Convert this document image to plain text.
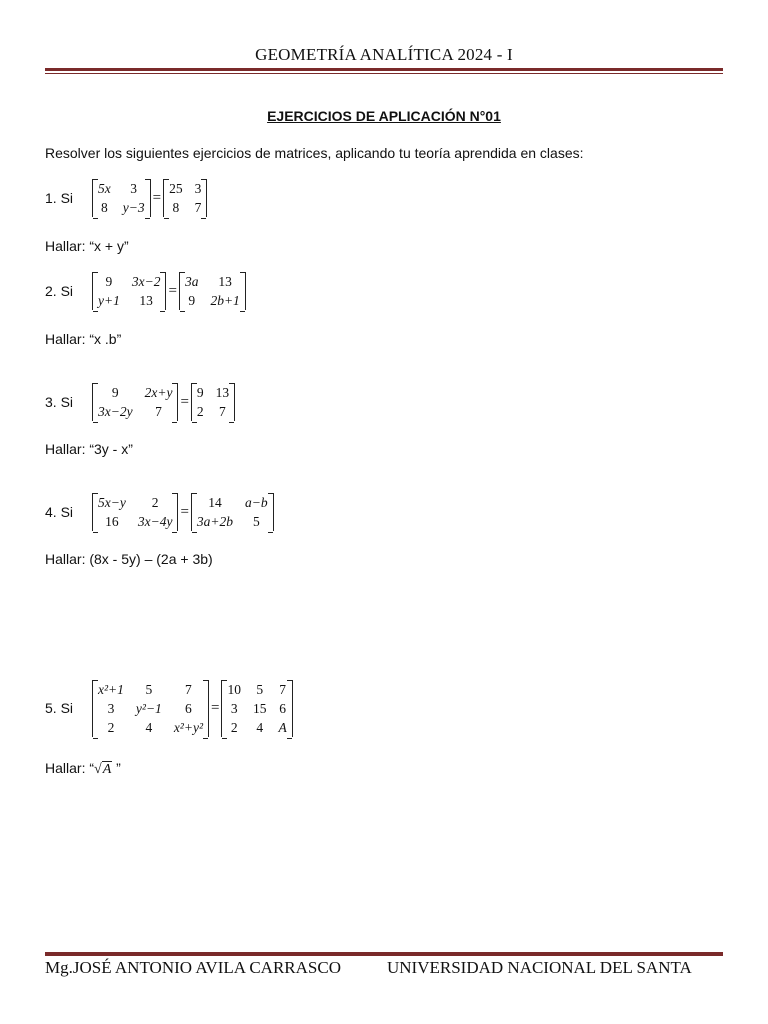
GEOMETRÍA ANALÍTICA 2024 - I
EJERCICIOS DE APLICACIÓN N°01
Resolver los siguientes ejercicios de matrices, aplicando tu teoría aprendida en clases:
1. Si
5x	3
8 y−3
=
25 3
8 7
Hallar: “x + y”
2. Si
9	3x−2
y+1	13
=
3a	13
9 2b+1
Hallar: “x .b”
3. Si
9	2x+y
3x−2y	7
=
9 13
2 7
Hallar: “3y - x”
4. Si
5x−y	2
16	3x−4y
=
14	a−b
3a+2b	5
Hallar: (8x - 5y) – (2a + 3b)
5. Si
x²+1	5	7
3	y²−1	6
2	4	x²+y²
=
10 5 7
3 15 6
2 4 A
Hallar: “√A ”
Mg.JOSÉ ANTONIO AVILA CARRASCO	UNIVERSIDAD NACIONAL DEL SANTA
